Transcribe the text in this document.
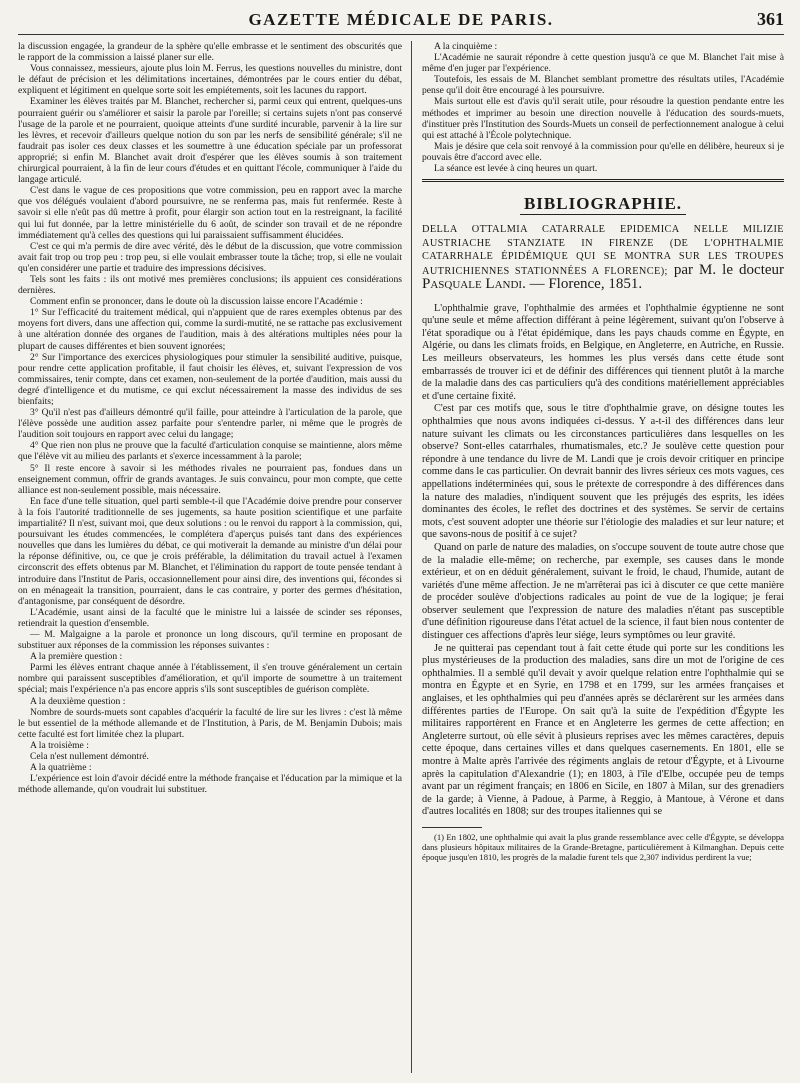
GAZETTE MÉDICALE DE PARIS.	361

la discussion engagée, la grandeur de la sphère qu'elle embrasse et le sentiment des obscurités que le rapport de la commission a laissé planer sur elle.

Vous connaissez, messieurs, ajoute plus loin M. Ferrus, les questions nouvelles du ministre, dont le défaut de précision et les délimitations incertaines, démontrées par le cours entier du débat, expliquent et légitiment en quelque sorte soit les empiétements, soit les lacunes du rapport.

Examiner les élèves traités par M. Blanchet, rechercher si, parmi ceux qui entrent, quelques-uns pourraient guérir ou s'améliorer et saisir la parole par l'oreille; si certains sujets n'ont pas conservé l'usage de la parole et ne pourraient, quoique atteints d'une surdité incurable, parvenir à la lire sur les lèvres, et recevoir d'ailleurs quelque notion du son par les nerfs de sensibilité générale; s'il ne faudrait pas isoler ces deux classes et les soumettre à une éducation spéciale par un professorat approprié; si enfin M. Blanchet avait droit d'espérer que les élèves soumis à son traitement chirurgical pourraient, à la fin de leur cours d'études et en quittant l'école, communiquer à l'aide du langage articulé.

C'est dans le vague de ces propositions que votre commission, peu en rapport avec la marche que vos délégués voulaient d'abord poursuivre, ne se renferma pas, mais fut renfermée. Reste à savoir si elle n'eût pas dû mettre à profit, pour élargir son action tout en la restreignant, la facilité qui lui fut donnée, par la lettre ministérielle du 6 août, de scinder son travail et de ne répondre immédiatement qu'à celles des questions qui lui paraissaient suffisamment élucidées.

C'est ce qui m'a permis de dire avec vérité, dès le début de la discussion, que votre commission avait fait trop ou trop peu : trop peu, si elle voulait embrasser toute la tâche; trop, si elle ne voulait qu'en considérer une partie et traduire des impressions décisives.

Tels sont les faits : ils ont motivé mes premières conclusions; ils appuient ces considérations dernières.

Comment enfin se prononcer, dans le doute où la discussion laisse encore l'Académie :

1° Sur l'efficacité du traitement médical, qui n'appuient que de rares exemples obtenus par des moyens fort divers, dans une affection qui, comme la surdi-mutité, ne se rattache pas exclusivement à une altération donnée des organes de l'audition, mais à des altérations multiples nées pour la plupart de causes différentes et bien souvent ignorées;

2° Sur l'importance des exercices physiologiques pour stimuler la sensibilité auditive, puisque, pour rendre cette application profitable, il faut choisir les élèves, et, suivant l'expression de vos commissaires, tenir compte, dans cet examen, non-seulement de la portée d'audition, mais aussi du degré d'intelligence et du mutisme, ce qui exclut nécessairement la masse des individus de ses bienfaits;

3° Qu'il n'est pas d'ailleurs démontré qu'il faille, pour atteindre à l'articulation de la parole, que l'élève possède une audition assez parfaite pour s'entendre parler, ni même que le progrès de l'audition soit toujours en rapport avec celui du langage;

4° Que rien non plus ne prouve que la faculté d'articulation conquise se maintienne, alors même que l'élève vit au milieu des parlants et s'exerce incessamment à la parole;

5° Il reste encore à savoir si les méthodes rivales ne pourraient pas, fondues dans un enseignement commun, offrir de grands avantages. Je suis convaincu, pour mon compte, que cette alliance est non-seulement possible, mais nécessaire.

En face d'une telle situation, quel parti semble-t-il que l'Académie doive prendre pour conserver à la fois l'autorité traditionnelle de ses jugements, sa haute position scientifique et une parfaite impartialité? Il n'est, suivant moi, que deux solutions : ou le renvoi du rapport à la commission, qui, poursuivant les études commencées, le complétera d'aperçus puisés tant dans des expériences nouvelles que dans les lumières du débat, ce qui motiverait la demande au ministre d'un délai pour la réponse définitive, ou, ce que je crois préférable, la délimitation du travail actuel à l'examen circonscrit des effets obtenus par M. Blanchet, et l'élimination du rapport de toute pensée tendant à introduire dans l'Institut de Paris, occasionnellement pour ainsi dire, des inventions qui, fécondes si on en ménageait la transition, pourraient, dans le cas contraire, y porter des germes d'hésitation, d'antagonisme, par conséquent de désordre.

L'Académie, usant ainsi de la faculté que le ministre lui a laissée de scinder ses réponses, retiendrait la question d'ensemble.

— M. Malgaigne a la parole et prononce un long discours, qu'il termine en proposant de substituer aux réponses de la commission les réponses suivantes :

A la première question :

Parmi les élèves entrant chaque année à l'établissement, il s'en trouve généralement un certain nombre qui paraissent susceptibles d'amélioration, et qu'il importe de soumettre à un traitement spécial; mais l'expérience n'a pas encore appris s'ils sont susceptibles de guérison complète.

A la deuxième question :

Nombre de sourds-muets sont capables d'acquérir la faculté de lire sur les livres : c'est là même le but essentiel de la méthode allemande et de l'Institution, à Paris, de M. Benjamin Dubois; mais cette faculté est fort limitée chez la plupart.

A la troisième :

Cela n'est nullement démontré.

A la quatrième :

L'expérience est loin d'avoir décidé entre la méthode française et l'éducation par la mimique et la méthode allemande, qu'on voudrait lui substituer.

A la cinquième :

L'Académie ne saurait répondre à cette question jusqu'à ce que M. Blanchet l'ait mise à même d'en juger par l'expérience.

Toutefois, les essais de M. Blanchet semblant promettre des résultats utiles, l'Académie pense qu'il doit être encouragé à les poursuivre.

Mais surtout elle est d'avis qu'il serait utile, pour résoudre la question pendante entre les méthodes et imprimer au besoin une direction nouvelle à l'éducation des sourds-muets, d'instituer près l'Institution des Sourds-Muets un conseil de perfectionnement analogue à celui qui est attaché à l'École polytechnique.

Mais je désire que cela soit renvoyé à la commission pour qu'elle en délibère, heureux si je pouvais être d'accord avec elle.

La séance est levée à cinq heures un quart.

BIBLIOGRAPHIE.
DELLA OTTALMIA CATARRALE EPIDEMICA NELLE MILIZIE AUSTRIACHE STANZIATE IN FIRENZE (DE L'OPHTHALMIE CATARRHALE ÉPIDÉMIQUE QUI SE MONTRA SUR LES TROUPES AUTRICHIENNES STATIONNÉES A FLORENCE); par M. le docteur Pasquale Landi. — Florence, 1851.

L'ophthalmie grave, l'ophthalmie des armées et l'ophthalmie égyptienne ne sont qu'une seule et même affection différant à peine légèrement, suivant qu'on l'observe à l'état sporadique ou à l'état épidémique, dans les pays chauds comme en Égypte, en Algérie, ou dans les climats froids, en Belgique, en Angleterre, en Autriche, en Russie. Les meilleurs observateurs, les hommes les plus versés dans cette étude sont embarrassés de trouver ici et de définir des différences qui tiennent plutôt à la marche de la maladie dans des cas particuliers qu'à des conditions matériellement appréciables et d'une certaine fixité.

C'est par ces motifs que, sous le titre d'ophthalmie grave, on désigne toutes les ophthalmies que nous avons indiquées ci-dessus. Y a-t-il des différences dans leur nature suivant les climats ou les circonstances particulières dans lesquelles on les observe? Sont-elles catarrhales, rhumatismales, etc.? Je soulève cette question pour répondre à une tendance du livre de M. Landi que je crois devoir critiquer en principe comme dans le cas particulier. On devrait bannir des livres sérieux ces mots vagues, ces appellations indéterminées qui, sous le prétexte de correspondre à des différences dans la nature des maladies, n'indiquent souvent que les préjugés des esprits, les idées dominantes des écoles, le reflet des doctrines et des systèmes. Se servir de certains mots, c'est souvent adopter une théorie sur l'étiologie des maladies et sur leur nature; et que savons-nous de positif à ce sujet?

Quand on parle de nature des maladies, on s'occupe souvent de toute autre chose que de la maladie elle-même; on recherche, par exemple, ses causes dans le monde extérieur, et on en déduit généralement, suivant le froid, le chaud, l'humide, autant de variétés d'une même affection. Je ne m'arrêterai pas ici à discuter ce que cette manière de procéder soulève d'objections radicales au point de vue de la logique; je ferai observer seulement que l'expression de nature des maladies n'étant pas susceptible d'une définition rigoureuse dans l'état actuel de la science, il faut bien nous contenter de distinguer ces affections d'après leur siége, leurs symptômes ou leur gravité.

Je ne quitterai pas cependant tout à fait cette étude qui porte sur les conditions les plus mystérieuses de la production des maladies, sans dire un mot de l'origine de ces ophthalmies. Il a semblé qu'il devait y avoir quelque relation entre l'ophthalmie qui se montra en Égypte et en Syrie, en 1798 et en 1799, sur les armées françaises et anglaises, et les ophthalmies qui peu d'années après se déclarèrent sur les armées dans différentes parties de l'Europe. On sait qu'à la suite de l'expédition d'Égypte les militaires rapportèrent en France et en Angleterre les germes de cette affection; en Angleterre surtout, où elle sévit à plusieurs reprises avec les mêmes caractères, depuis cette époque, dans certaines villes et dans quelques casernements. En 1801, elle se montre à Malte après l'arrivée des régiments anglais de retour d'Égypte, et à Livourne après la capitulation d'Alexandrie (1); en 1803, à l'île d'Elbe, occupée peu de temps avant par un régiment français; en 1806 en Sicile, en 1807 à Milan, sur des grenadiers de la garde; à Vienne, à Padoue, à Parme, à Reggio, à Mantoue, à Vérone et dans d'autres localités en 1808; sur des troupes italiennes qui se

(1) En 1802, une ophthalmie qui avait la plus grande ressemblance avec celle d'Égypte, se développa dans plusieurs hôpitaux militaires de la Grande-Bretagne, particulièrement à Kilmanghan. Depuis cette époque jusqu'en 1810, les progrès de la maladie furent tels que 2,307 individus perdirent la vue;
